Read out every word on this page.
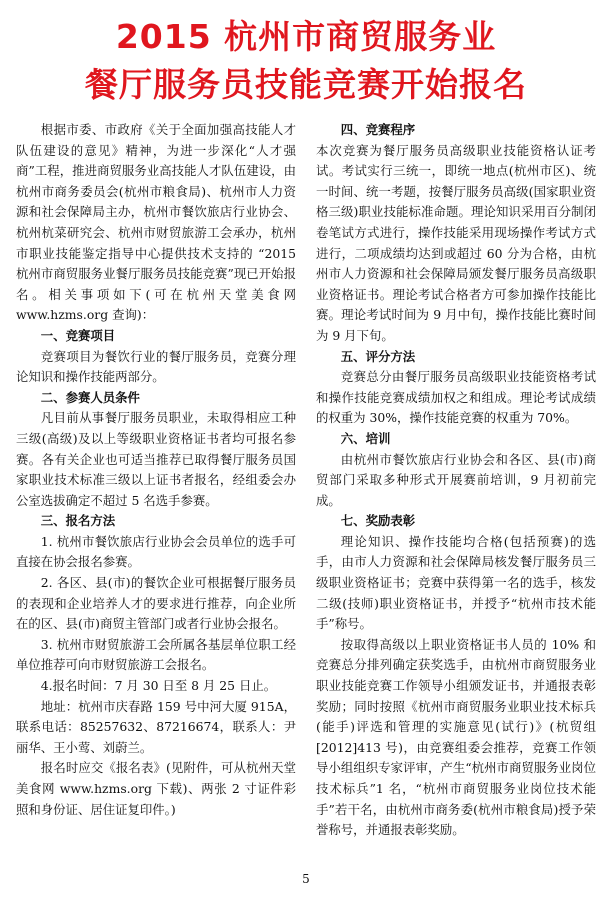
2015 杭州市商贸服务业
餐厅服务员技能竞赛开始报名

根据市委、市政府《关于全面加强高技能人才队伍建设的意见》精神，为进一步深化“人才强商”工程，推进商贸服务业高技能人才队伍建设，由杭州市商务委员会(杭州市粮食局)、杭州市人力资源和社会保障局主办，杭州市餐饮旅店行业协会、杭州杭菜研究会、杭州市财贸旅游工会承办，杭州市职业技能鉴定指导中心提供技术支持的 “2015 杭州市商贸服务业餐厅服务员技能竞赛”现已开始报名。相关事项如下(可在杭州天堂美食网 www.hzms.org 查询)：

一、竞赛项目

竞赛项目为餐饮行业的餐厅服务员，竞赛分理论知识和操作技能两部分。

二、参赛人员条件

凡目前从事餐厅服务员职业，未取得相应工种三级(高级)及以上等级职业资格证书者均可报名参赛。各有关企业也可适当推荐已取得餐厅服务员国家职业技术标准三级以上证书者报名，经组委会办公室选拔确定不超过 5 名选手参赛。

三、报名方法

1. 杭州市餐饮旅店行业协会会员单位的选手可直接在协会报名参赛。

2. 各区、县(市)的餐饮企业可根据餐厅服务员的表现和企业培养人才的要求进行推荐，向企业所在的区、县(市)商贸主管部门或者行业协会报名。

3. 杭州市财贸旅游工会所属各基层单位职工经单位推荐可向市财贸旅游工会报名。

4.报名时间：7 月 30 日至 8 月 25 日止。

地址：杭州市庆春路 159 号中河大厦 915A，联系电话：85257632、87216674，联系人：尹丽华、王小莺、刘蔚兰。

报名时应交《报名表》(见附件，可从杭州天堂美食网 www.hzms.org 下载)、两张 2 寸证件彩照和身份证、居住证复印件。)

四、竞赛程序

本次竞赛为餐厅服务员高级职业技能资格认证考试。考试实行三统一，即统一地点(杭州市区)、统一时间、统一考题，按餐厅服务员高级(国家职业资格三级)职业技能标准命题。理论知识采用百分制闭卷笔试方式进行，操作技能采用现场操作考试方式进行，二项成绩均达到或超过 60 分为合格，由杭州市人力资源和社会保障局颁发餐厅服务员高级职业资格证书。理论考试合格者方可参加操作技能比赛。理论考试时间为 9 月中旬，操作技能比赛时间为 9 月下旬。

五、评分方法

竞赛总分由餐厅服务员高级职业技能资格考试和操作技能竞赛成绩加权之和组成。理论考试成绩的权重为 30%，操作技能竞赛的权重为 70%。

六、培训

由杭州市餐饮旅店行业协会和各区、县(市)商贸部门采取多种形式开展赛前培训，9 月初前完成。

七、奖励表彰

理论知识、操作技能均合格(包括预赛)的选手，由市人力资源和社会保障局核发餐厅服务员三级职业资格证书；竞赛中获得第一名的选手，核发二级(技师)职业资格证书，并授予“杭州市技术能手”称号。

按取得高级以上职业资格证书人员的 10% 和竞赛总分排列确定获奖选手，由杭州市商贸服务业职业技能竞赛工作领导小组颁发证书，并通报表彰奖励；同时按照《杭州市商贸服务业职业技术标兵(能手)评选和管理的实施意见(试行)》(杭贸组[2012]413 号)，由竞赛组委会推荐，竞赛工作领导小组组织专家评审，产生“杭州市商贸服务业岗位技术标兵”1 名，“杭州市商贸服务业岗位技术能手”若干名，由杭州市商务委(杭州市粮食局)授予荣誉称号，并通报表彰奖励。

5
